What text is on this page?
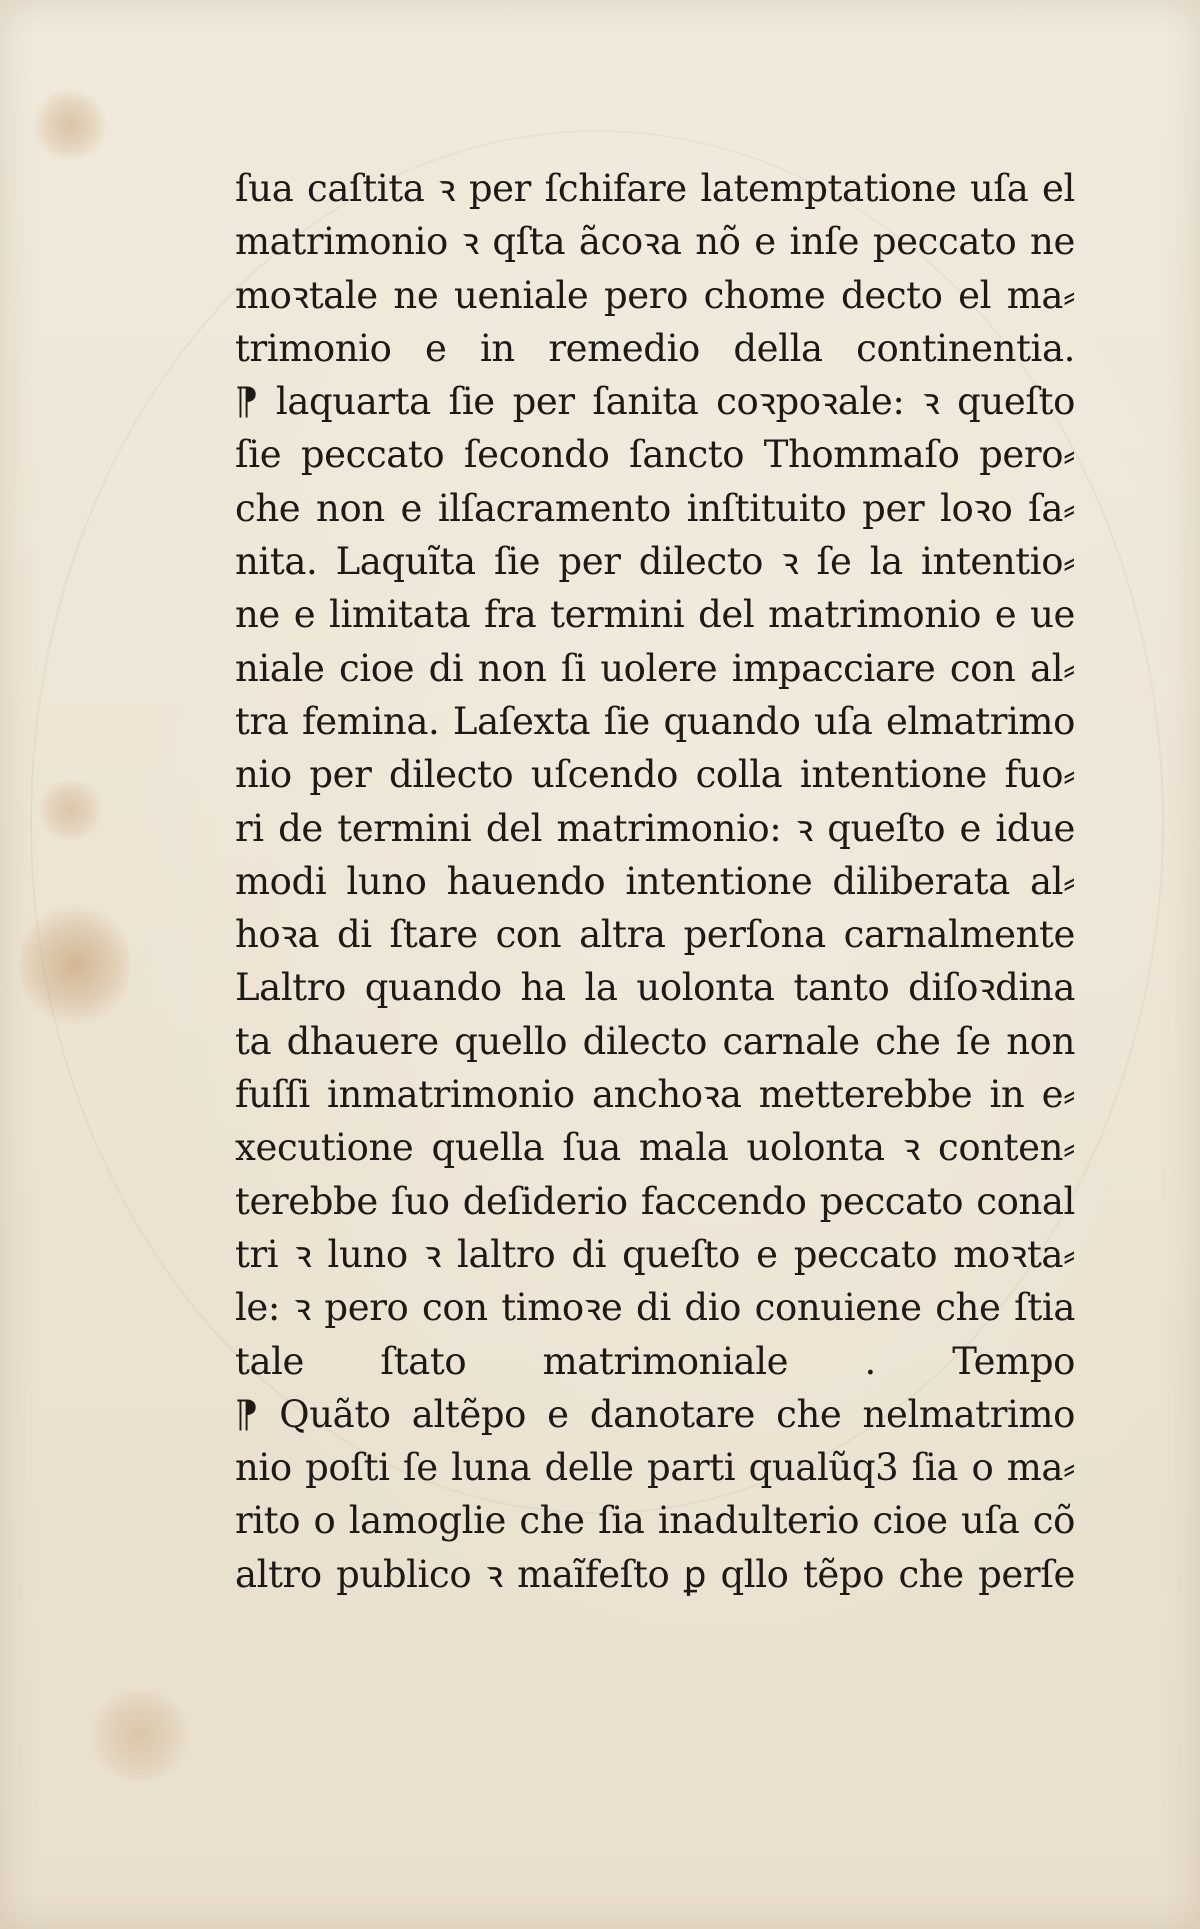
ſua caſtita ꝛ per ſchifare latemptatione uſa el
matrimonio ꝛ qſta ãcoꝛa nõ e inſe peccato ne
moꝛtale ne ueniale pero chome decto el ma⸗
trimonio e in remedio della continentia.
⁋ laquarta ſie per ſanita coꝛpoꝛale: ꝛ queſto
ſie peccato ſecondo ſancto Thommaſo pero⸗
che non e ilſacramento inſtituito per loꝛo ſa⸗
nita. Laquĩta ſie per dilecto ꝛ ſe la intentio⸗
ne e limitata fra termini del matrimonio e ue
niale cioe di non ſi uolere impacciare con al⸗
tra femina. Laſexta ſie quando uſa elmatrimo
nio per dilecto uſcendo colla intentione fuo⸗
ri de termini del matrimonio: ꝛ queſto e idue
modi luno hauendo intentione diliberata al⸗
hoꝛa di ſtare con altra perſona carnalmente
Laltro quando ha la uolonta tanto diſoꝛdina
ta dhauere quello dilecto carnale che ſe non
fuſſi inmatrimonio anchoꝛa metterebbe in e⸗
xecutione quella ſua mala uolonta ꝛ conten⸗
terebbe ſuo deſiderio faccendo peccato conal
tri ꝛ luno ꝛ laltro di queſto e peccato moꝛta⸗
le: ꝛ pero con timoꝛe di dio conuiene che ſtia
tale ſtato matrimoniale . Tempo
⁋ Quãto altẽpo e danotare che nelmatrimo
nio poſti ſe luna delle parti qualũq3 ſia o ma⸗
rito o lamoglie che ſia inadulterio cioe uſa cõ
altro publico ꝛ maĩfeſto ꝑ qllo tẽpo che perſe
